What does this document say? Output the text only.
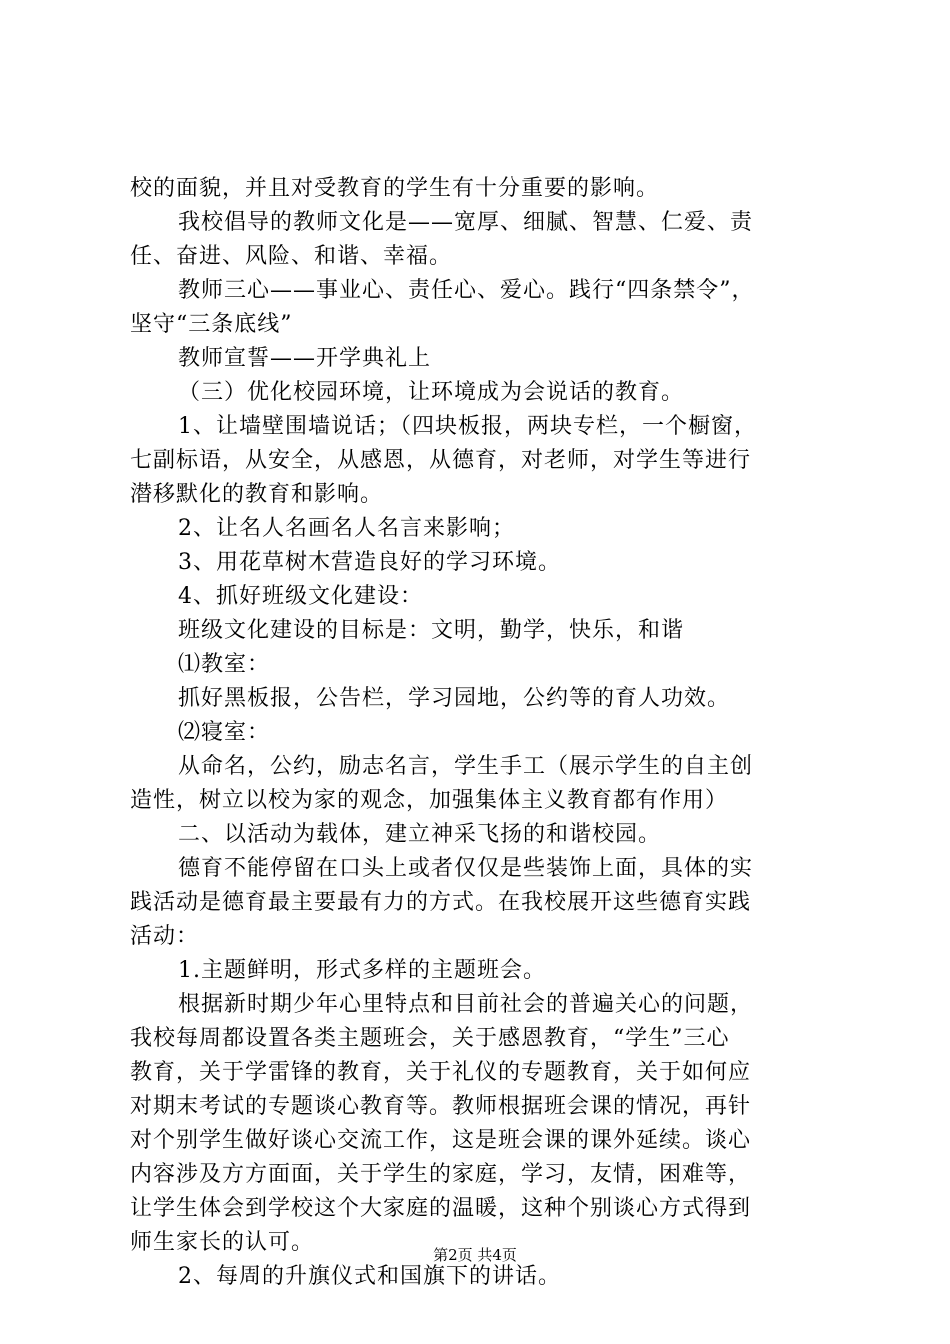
校的面貌，并且对受教育的学生有十分重要的影响。
我校倡导的教师文化是——宽厚、细腻、智慧、仁爱、责
任、奋进、风险、和谐、幸福。
教师三心——事业心、责任心、爱心。践行“四条禁令”，
坚守“三条底线”
教师宣誓——开学典礼上
（三）优化校园环境，让环境成为会说话的教育。
1、让墙壁围墙说话；（四块板报，两块专栏，一个橱窗，
七副标语，从安全，从感恩，从德育，对老师，对学生等进行
潜移默化的教育和影响。
2、让名人名画名人名言来影响；
3、用花草树木营造良好的学习环境。
4、抓好班级文化建设：
班级文化建设的目标是：文明，勤学，快乐，和谐
⑴教室：
抓好黑板报，公告栏，学习园地，公约等的育人功效。
⑵寝室：
从命名，公约，励志名言，学生手工（展示学生的自主创
造性，树立以校为家的观念，加强集体主义教育都有作用）
二、以活动为载体，建立神采飞扬的和谐校园。
德育不能停留在口头上或者仅仅是些装饰上面，具体的实
践活动是德育最主要最有力的方式。在我校展开这些德育实践
活动：
1.主题鲜明，形式多样的主题班会。
根据新时期少年心里特点和目前社会的普遍关心的问题，
我校每周都设置各类主题班会，关于感恩教育，“学生”三心
教育，关于学雷锋的教育，关于礼仪的专题教育，关于如何应
对期末考试的专题谈心教育等。教师根据班会课的情况，再针
对个别学生做好谈心交流工作，这是班会课的课外延续。谈心
内容涉及方方面面，关于学生的家庭，学习，友情，困难等，
让学生体会到学校这个大家庭的温暖，这种个别谈心方式得到
师生家长的认可。
2、每周的升旗仪式和国旗下的讲话。
第2页 共4页
